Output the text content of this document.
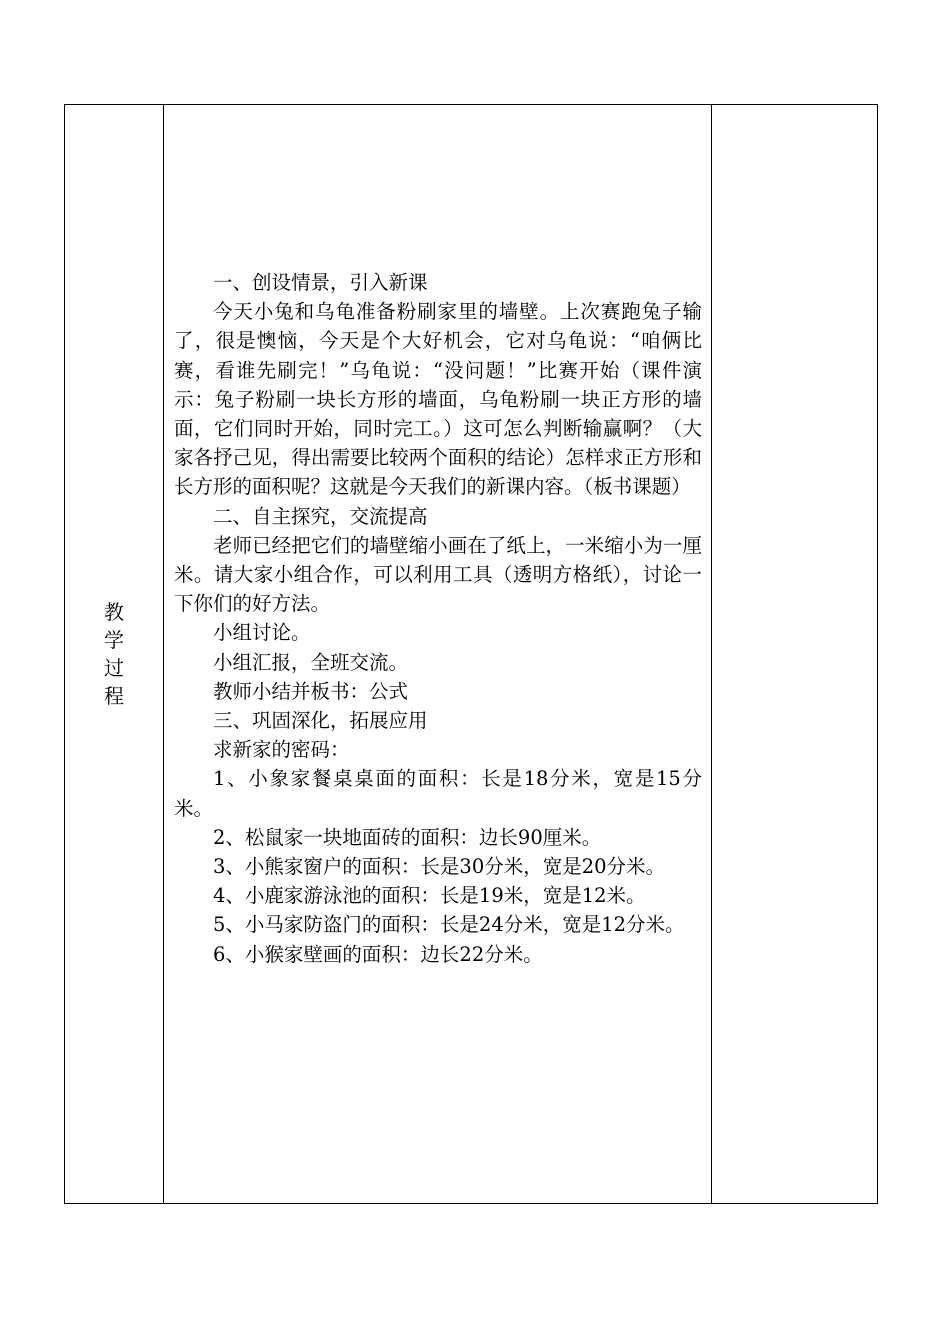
教
学
过
程

一、创设情景，引入新课

今天小兔和乌龟准备粉刷家里的墙壁。上次赛跑兔子输了，很是懊恼，今天是个大好机会，它对乌龟说：“咱俩比赛，看谁先刷完！”乌龟说：“没问题！”比赛开始（课件演示：兔子粉刷一块长方形的墙面，乌龟粉刷一块正方形的墙面，它们同时开始，同时完工。）这可怎么判断输赢啊？（大家各抒己见，得出需要比较两个面积的结论）怎样求正方形和长方形的面积呢？这就是今天我们的新课内容。（板书课题）

二、自主探究，交流提高

老师已经把它们的墙壁缩小画在了纸上，一米缩小为一厘米。请大家小组合作，可以利用工具（透明方格纸），讨论一下你们的好方法。

小组讨论。

小组汇报，全班交流。

教师小结并板书：公式

三、巩固深化，拓展应用

求新家的密码：

1、小象家餐桌桌面的面积：长是18分米，宽是15分米。

2、松鼠家一块地面砖的面积：边长90厘米。

3、小熊家窗户的面积：长是30分米，宽是20分米。

4、小鹿家游泳池的面积：长是19米，宽是12米。

5、小马家防盗门的面积：长是24分米，宽是12分米。

6、小猴家壁画的面积：边长22分米。
